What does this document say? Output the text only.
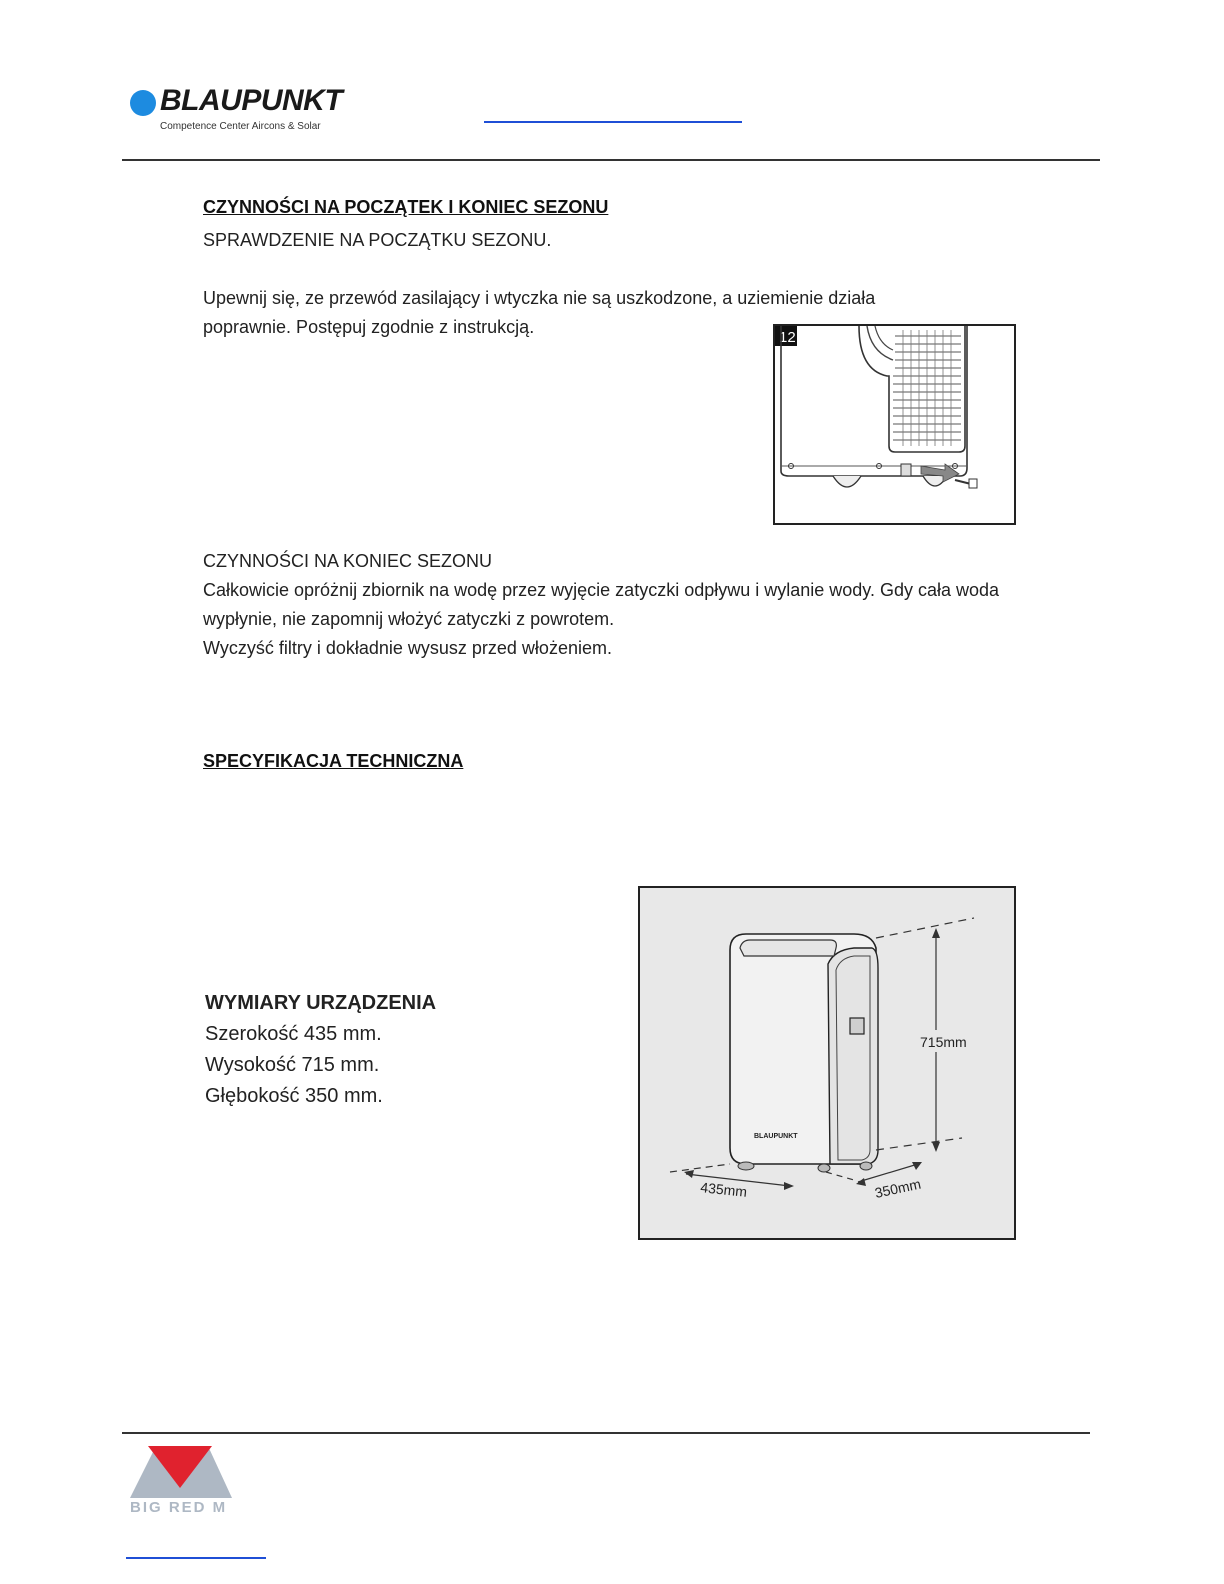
BLAUPUNKT
Competence Center Aircons & Solar
CZYNNOŚCI NA POCZĄTEK I KONIEC SEZONU
SPRAWDZENIE NA POCZĄTKU SEZONU.
Upewnij się, ze przewód zasilający i wtyczka nie są uszkodzone, a uziemienie działa poprawnie. Postępuj zgodnie z instrukcją.
12
CZYNNOŚCI NA KONIEC SEZONU
Całkowicie opróżnij zbiornik na wodę przez wyjęcie zatyczki odpływu i wylanie wody. Gdy cała woda wypłynie, nie zapomnij włożyć zatyczki z powrotem.
Wyczyść filtry i dokładnie wysusz przed włożeniem.
SPECYFIKACJA TECHNICZNA
WYMIARY URZĄDZENIA
Szerokość 435 mm.
Wysokość 715 mm.
Głębokość 350 mm.
BLAUPUNKT
715mm
435mm	350mm
BIG RED M
